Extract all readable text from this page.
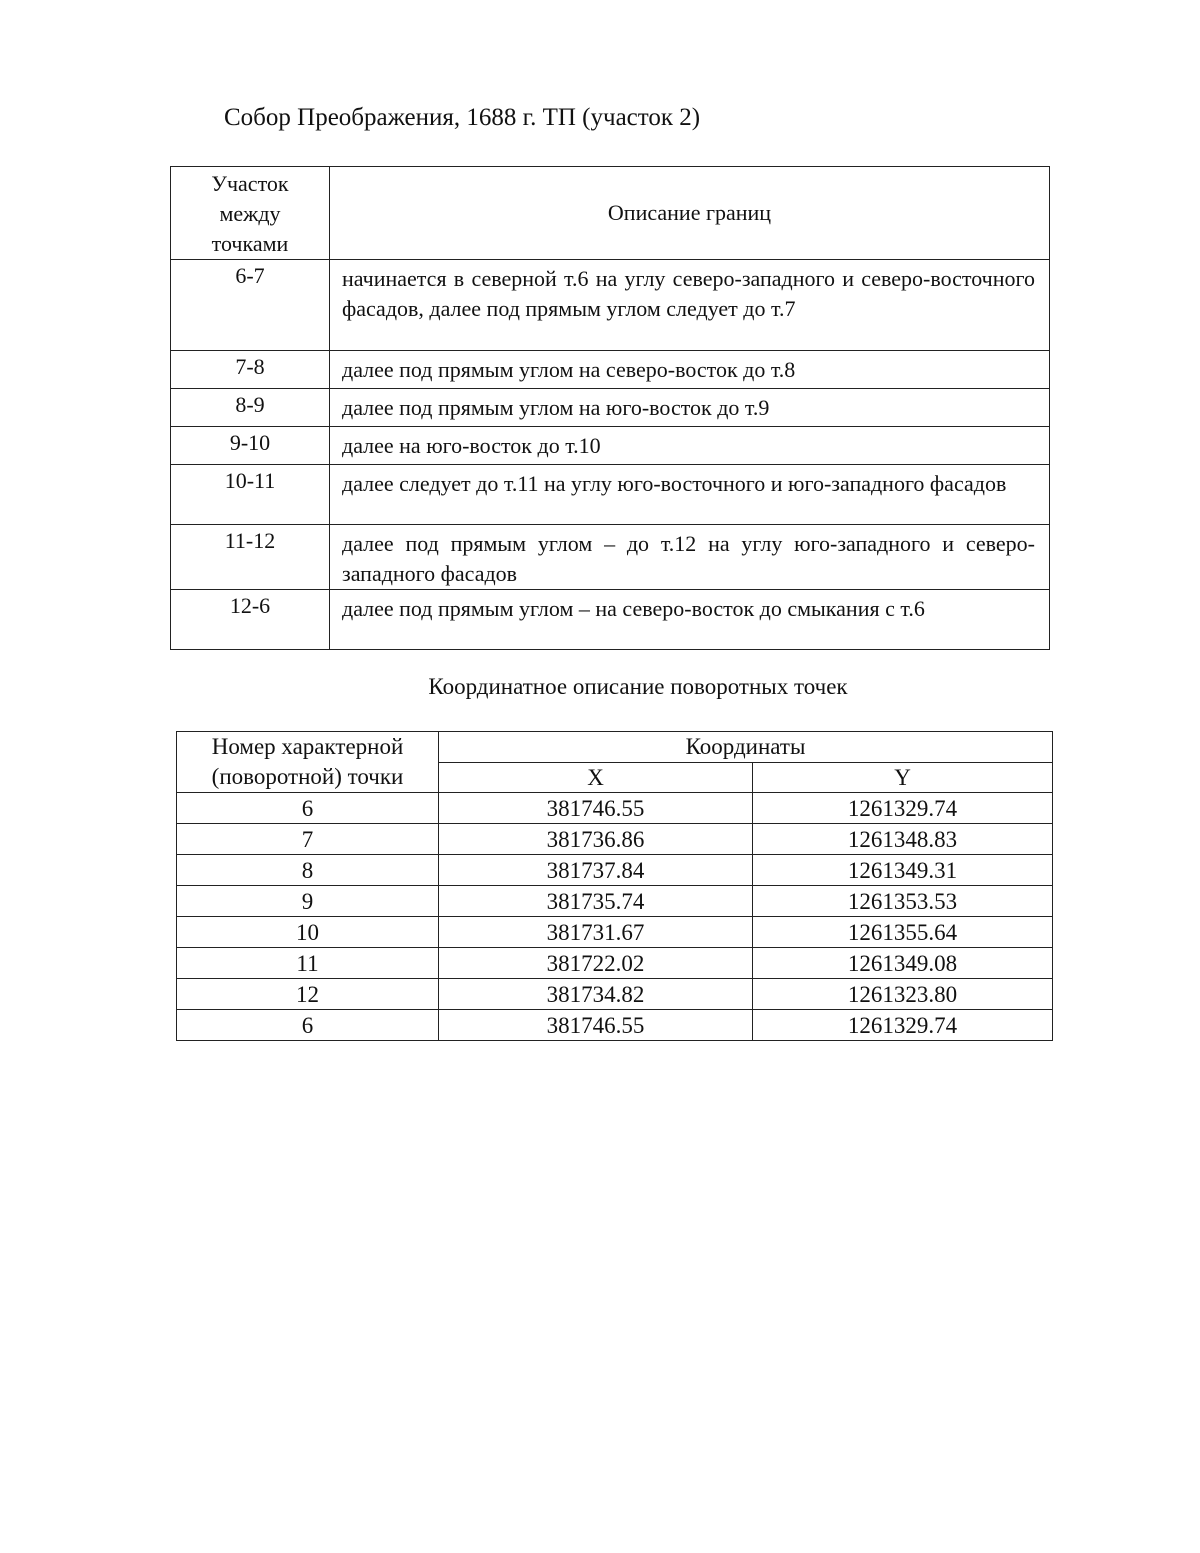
Собор Преображения, 1688 г. ТП (участок 2)
Участок
между
точками	Описание границ
6-7	начинается в северной т.6 на углу северо-западного и северо-восточного фасадов, далее под прямым углом следует до т.7
7-8	далее под прямым углом на северо-восток до т.8
8-9	далее под прямым углом на юго-восток до т.9
9-10	далее на юго-восток до т.10
10-11	далее следует до т.11 на углу юго-восточного и юго-западного фасадов
11-12	далее под прямым углом – до т.12 на углу юго-западного и северо-западного фасадов
12-6	далее под прямым углом – на северо-восток до смыкания с т.6
Координатное описание поворотных точек
Номер характерной
(поворотной) точки	Координаты	
	X	Y
6	381746.55	1261329.74
7	381736.86	1261348.83
8	381737.84	1261349.31
9	381735.74	1261353.53
10	381731.67	1261355.64
11	381722.02	1261349.08
12	381734.82	1261323.80
6	381746.55	1261329.74
